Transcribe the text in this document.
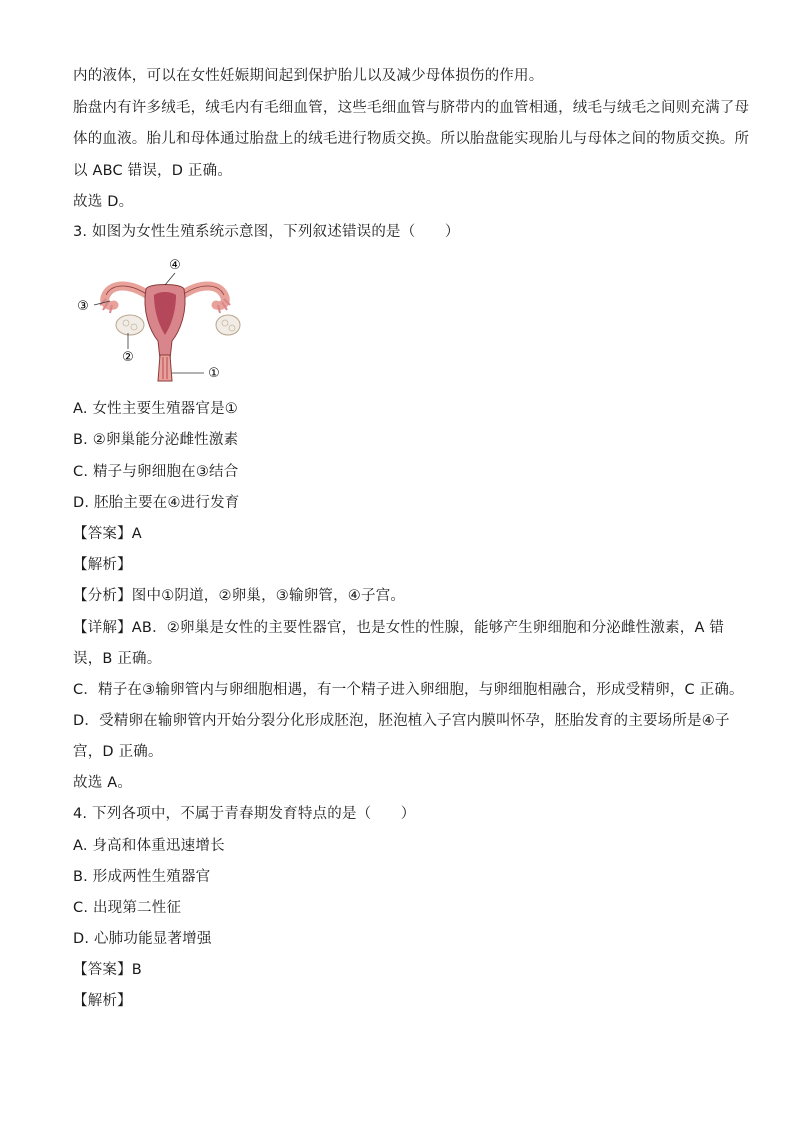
内的液体，可以在女性妊娠期间起到保护胎儿以及减少母体损伤的作用。
胎盘内有许多绒毛，绒毛内有毛细血管，这些毛细血管与脐带内的血管相通，绒毛与绒毛之间则充满了母
体的血液。胎儿和母体通过胎盘上的绒毛进行物质交换。所以胎盘能实现胎儿与母体之间的物质交换。所
以 ABC 错误，D 正确。
故选 D。
3. 如图为女性生殖系统示意图，下列叙述错误的是（　　）
④
③
②
①
A. 女性主要生殖器官是①
B. ②卵巢能分泌雌性激素
C. 精子与卵细胞在③结合
D. 胚胎主要在④进行发育
【答案】A
【解析】
【分析】图中①阴道，②卵巢，③输卵管，④子宫。
【详解】AB．②卵巢是女性的主要性器官，也是女性的性腺，能够产生卵细胞和分泌雌性激素，A 错
误，B 正确。
C．精子在③输卵管内与卵细胞相遇，有一个精子进入卵细胞，与卵细胞相融合，形成受精卵，C 正确。
D．受精卵在输卵管内开始分裂分化形成胚泡，胚泡植入子宫内膜叫怀孕，胚胎发育的主要场所是④子
宫，D 正确。
故选 A。
4. 下列各项中，不属于青春期发育特点的是（　　）
A. 身高和体重迅速增长
B. 形成两性生殖器官
C. 出现第二性征
D. 心肺功能显著增强
【答案】B
【解析】
